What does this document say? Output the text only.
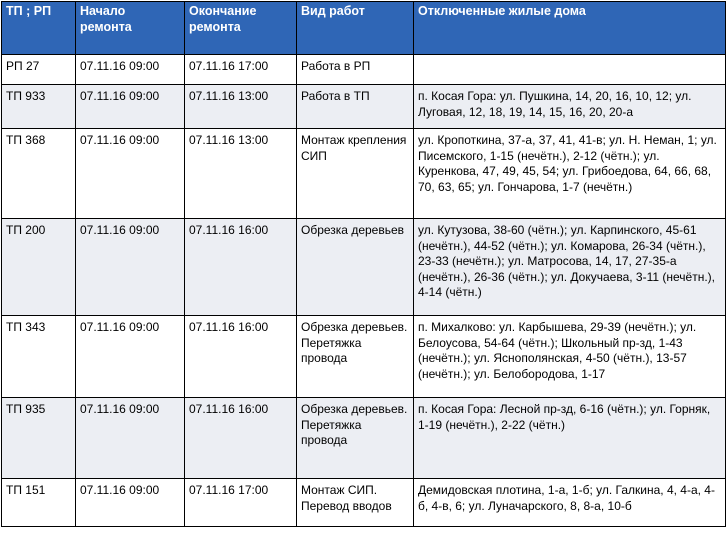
ТП ; РП	Начало ремонта	Окончание ремонта	Вид работ	Отключенные жилые дома
РП 27	07.11.16 09:00	07.11.16 17:00	Работа в РП	
ТП 933	07.11.16 09:00	07.11.16 13:00	Работа в ТП	п. Косая Гора: ул. Пушкина, 14, 20, 16, 10, 12; ул. Луговая, 12, 18, 19, 14, 15, 16, 20, 20-а
ТП 368	07.11.16 09:00	07.11.16 13:00	Монтаж крепления СИП	ул. Кропоткина, 37-а, 37, 41, 41-в; ул. Н. Неман, 1; ул. Писемского, 1-15 (нечётн.), 2-12 (чётн.); ул. Куренкова, 47, 49, 45, 54; ул. Грибоедова, 64, 66, 68, 70, 63, 65; ул. Гончарова, 1-7 (нечётн.)
ТП 200	07.11.16 09:00	07.11.16 16:00	Обрезка деревьев	ул. Кутузова, 38-60 (чётн.); ул. Карпинского, 45-61 (нечётн.), 44-52 (чётн.); ул. Комарова, 26-34 (чётн.), 23-33 (нечётн.); ул. Матросова, 14, 17, 27-35-а (нечётн.), 26-36 (чётн.); ул. Докучаева, 3-11 (нечётн.), 4-14 (чётн.)
ТП 343	07.11.16 09:00	07.11.16 16:00	Обрезка деревьев. Перетяжка провода	п. Михалково: ул. Карбышева, 29-39 (нечётн.); ул. Белоусова, 54-64 (чётн.); Школьный пр-зд, 1-43 (нечётн.); ул. Яснополянская, 4-50 (чётн.), 13-57 (нечётн.); ул. Белобородова, 1-17
ТП 935	07.11.16 09:00	07.11.16 16:00	Обрезка деревьев. Перетяжка провода	п. Косая Гора: Лесной пр-зд, 6-16 (чётн.); ул. Горняк, 1-19 (нечётн.), 2-22 (чётн.)
ТП 151	07.11.16 09:00	07.11.16 17:00	Монтаж СИП. Перевод вводов	Демидовская плотина, 1-а, 1-б; ул. Галкина, 4, 4-а, 4-б, 4-в, 6; ул. Луначарского, 8, 8-а, 10-б
